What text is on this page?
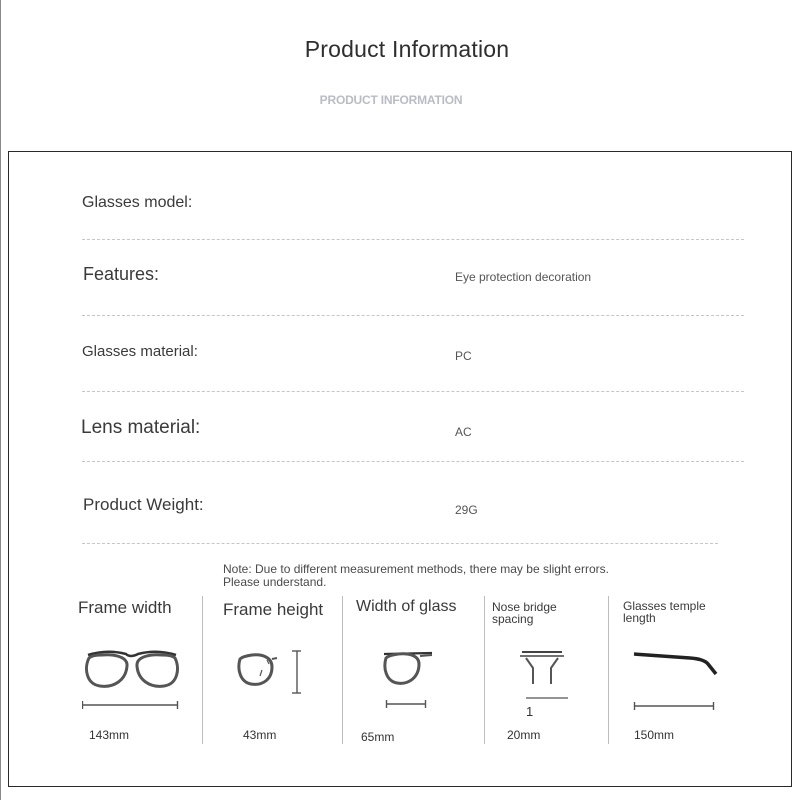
Product Information
PRODUCT INFORMATION
Glasses model:
Features:	Eye protection decoration
Glasses material:	PC
Lens material:	AC
Product Weight:	29G
Note: Due to different measurement methods, there may be slight errors.
Please understand.
Frame width
143mm
Frame height
43mm
Width of glass
65mm
Nose bridge spacing
1
20mm
Glasses temple length
150mm
